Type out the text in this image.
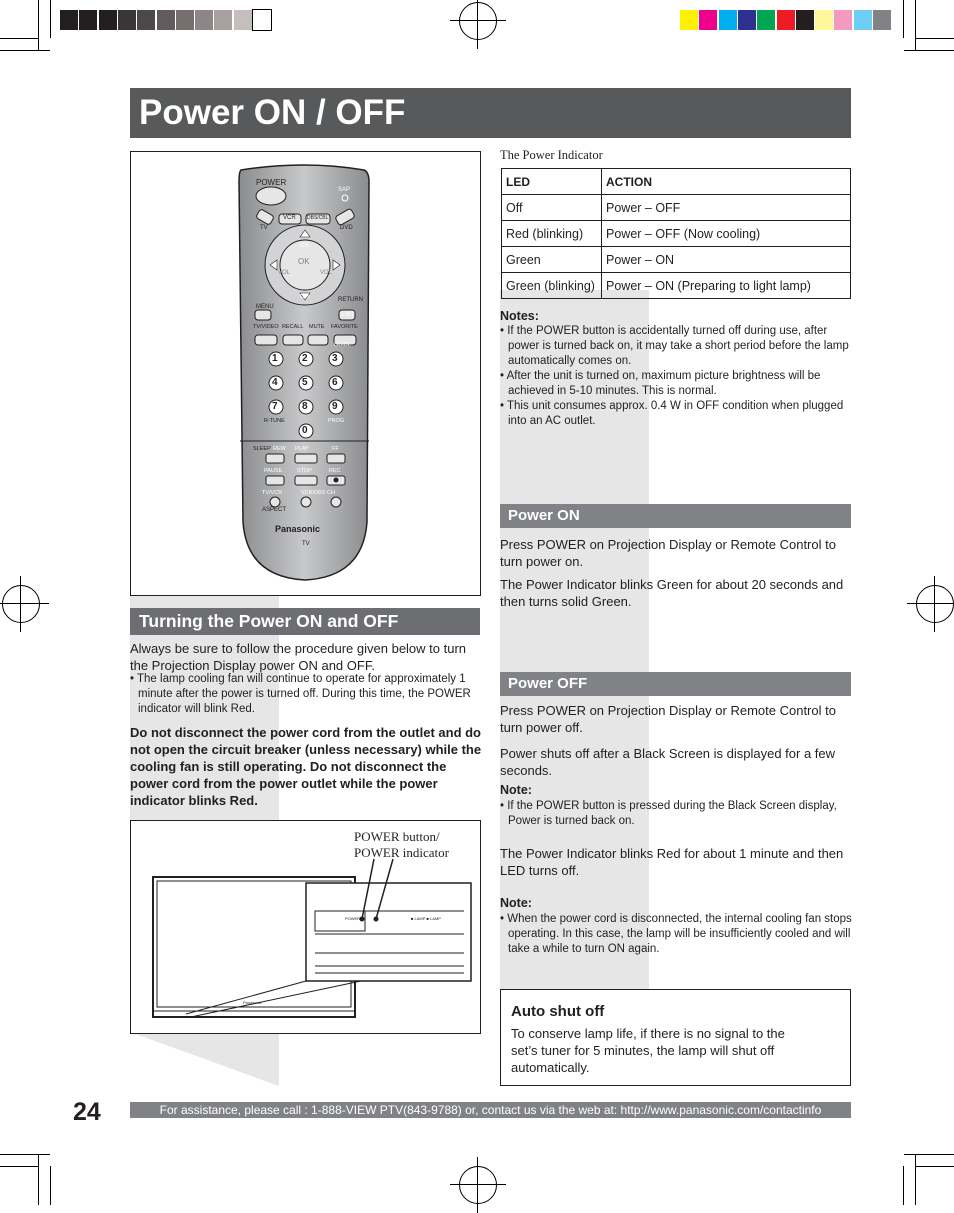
Power ON / OFF
POWER
SAP
TV
VCR DBS/CBL
DVD
CH
OK
VOL	VOL
CH
MENU
RETURN
EXIT
TV/VIDEO RECALL MUTE FAVORITE
GUIDE
1 2 3
4 5 6
7 8 9
0
R-TUNE	PROG
SLEEP REW PLAY	FF
PAUSE	STOP	REC
TV/VCR	VCR/DBS CH
ASPECT
Panasonic
TV
Turning the Power ON and OFF
Always be sure to follow the procedure given below to turn the Projection Display power ON and OFF.
• The lamp cooling fan will continue to operate for approximately 1 minute after the power is turned off. During this time, the POWER indicator will blink Red.
Do not disconnect the power cord from the outlet and do not open the circuit breaker (unless necessary) while the cooling fan is still operating. Do not disconnect the power cord from the power outlet while the power indicator blinks Red.
POWER button/
POWER indicator
POWER	■ LAMP ■ LAMP
Panasonic
The Power Indicator
LED	ACTION
Off	Power – OFF
Red (blinking)	Power – OFF (Now cooling)
Green	Power – ON
Green (blinking)	Power – ON (Preparing to light lamp)
Notes:
• If the POWER button is accidentally turned off during use, after power is turned back on, it may take a short period before the lamp automatically comes on.
• After the unit is turned on, maximum picture brightness will be achieved in 5-10 minutes. This is normal.
• This unit consumes approx. 0.4 W in OFF condition when plugged into an AC outlet.
Power ON
Press POWER on Projection Display or Remote Control to turn power on.
The Power Indicator blinks Green for about 20 seconds and then turns solid Green.
Power OFF
Press POWER on Projection Display or Remote Control to turn power off.
Power shuts off after a Black Screen is displayed for a few seconds.
Note:
• If the POWER button is pressed during the Black Screen display, Power is turned back on.
The Power Indicator blinks Red for about 1 minute and then LED turns off.
Note:
• When the power cord is disconnected, the internal cooling fan stops operating. In this case, the lamp will be insufficiently cooled and will take a while to turn ON again.
Auto shut off
To conserve lamp life, if there is no signal to the set’s tuner for 5 minutes, the lamp will shut off automatically.
24	For assistance, please call : 1-888-VIEW PTV(843-9788) or, contact us via the web at: http://www.panasonic.com/contactinfo
